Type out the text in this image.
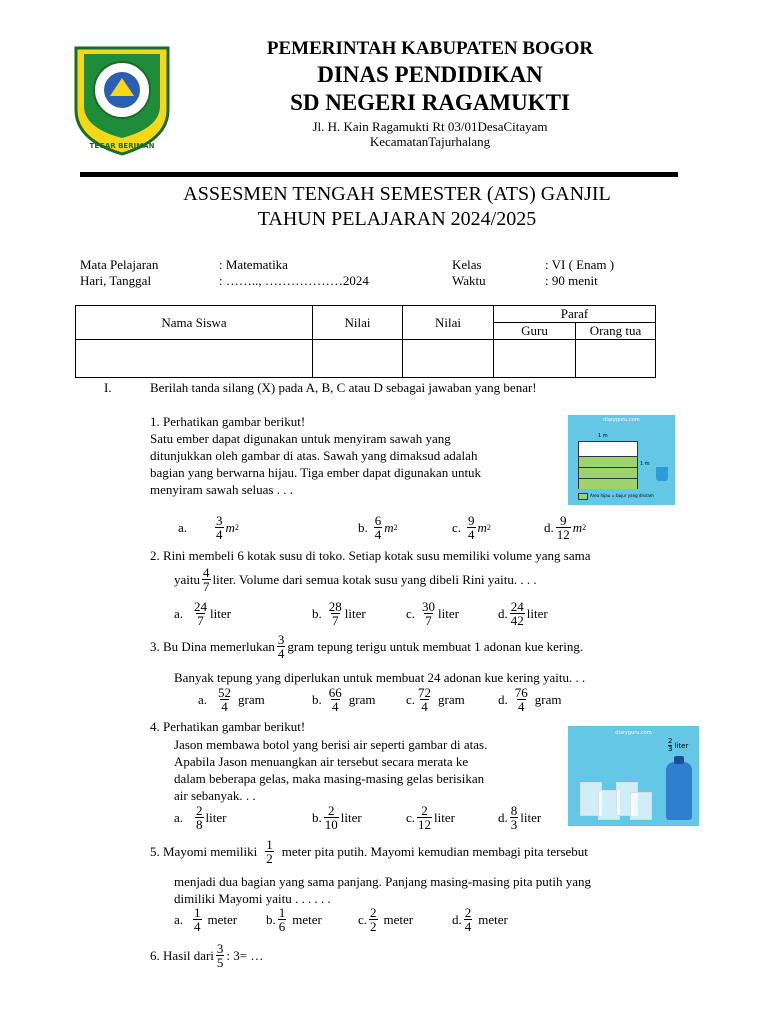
TEGAR BERIMAN
PEMERINTAH KABUPATEN BOGOR
DINAS PENDIDIKAN
SD NEGERI RAGAMUKTI
Jl. H. Kain Ragamukti Rt 03/01DesaCitayam
KecamatanTajurhalang
ASSESMEN TENGAH SEMESTER (ATS) GANJIL
TAHUN PELAJARAN 2024/2025
Mata Pelajaran	: Matematika
Hari, Tanggal	: …….., ………………2024
Kelas	: VI ( Enam )
Waktu	: 90 menit
Nama Siswa	Nilai	Nilai	Paraf	
			Guru	Orang tua

I.	Berilah tanda silang (X) pada A, B, C atau D sebagai jawaban yang benar!
1. Perhatikan gambar berikut!
Satu ember dapat digunakan untuk menyiram sawah yang
ditunjukkan oleh gambar di atas. Sawah yang dimaksud adalah
bagian yang berwarna hijau. Tiga ember dapat digunakan untuk
menyiram sawah seluas . . .
diaryguru.com
1 m
1 m
Area hijau = bujur yang disiram
a. $\frac{3}{4}$ m 2	b. $\frac{6}{4}$ m 2	c. $\frac{9}{4}$ m 2	d. $\frac{9}{12}$ m 2
2. Rini membeli 6 kotak susu di toko. Setiap kotak susu memiliki volume yang sama
yaitu $\frac{4}{7}$ liter. Volume dari semua kotak susu yang dibeli Rini yaitu. . . .
a. $\frac{24}{7}$ liter	b. $\frac{28}{7}$ liter	c. $\frac{30}{7}$ liter	d. $\frac{24}{42}$ liter
3. Bu Dina memerlukan $\frac{3}{4}$ gram tepung terigu untuk membuat 1 adonan kue kering.
Banyak tepung yang diperlukan untuk membuat 24 adonan kue kering yaitu. . .
a. $\frac{52}{4}$ gram	b. $\frac{66}{4}$ gram c. $\frac{72}{4}$ gram	d. $\frac{76}{4}$ gram
4. Perhatikan gambar berikut!
Jason membawa botol yang berisi air seperti gambar di atas.
Apabila Jason menuangkan air tersebut secara merata ke
dalam beberapa gelas, maka masing-masing gelas berisikan
air sebanyak. . .
diaryguru.com
2
3 liter
a. $\frac{2}{8}$ liter	b. $\frac{2}{10}$ liter	c. $\frac{2}{12}$ liter	d. $\frac{8}{3}$ liter
5. Mayomi memiliki $\frac{1}{2}$ meter pita putih. Mayomi kemudian membagi pita tersebut
menjadi dua bagian yang sama panjang. Panjang masing-masing pita putih yang
dimiliki Mayomi yaitu . . . . . .
a. $\frac{1}{4}$ meter b. $\frac{1}{6}$ meter	c. $\frac{2}{2}$ meter	d. $\frac{2}{4}$ meter
6. Hasil dari $\frac{3}{5}$ : 3= …
